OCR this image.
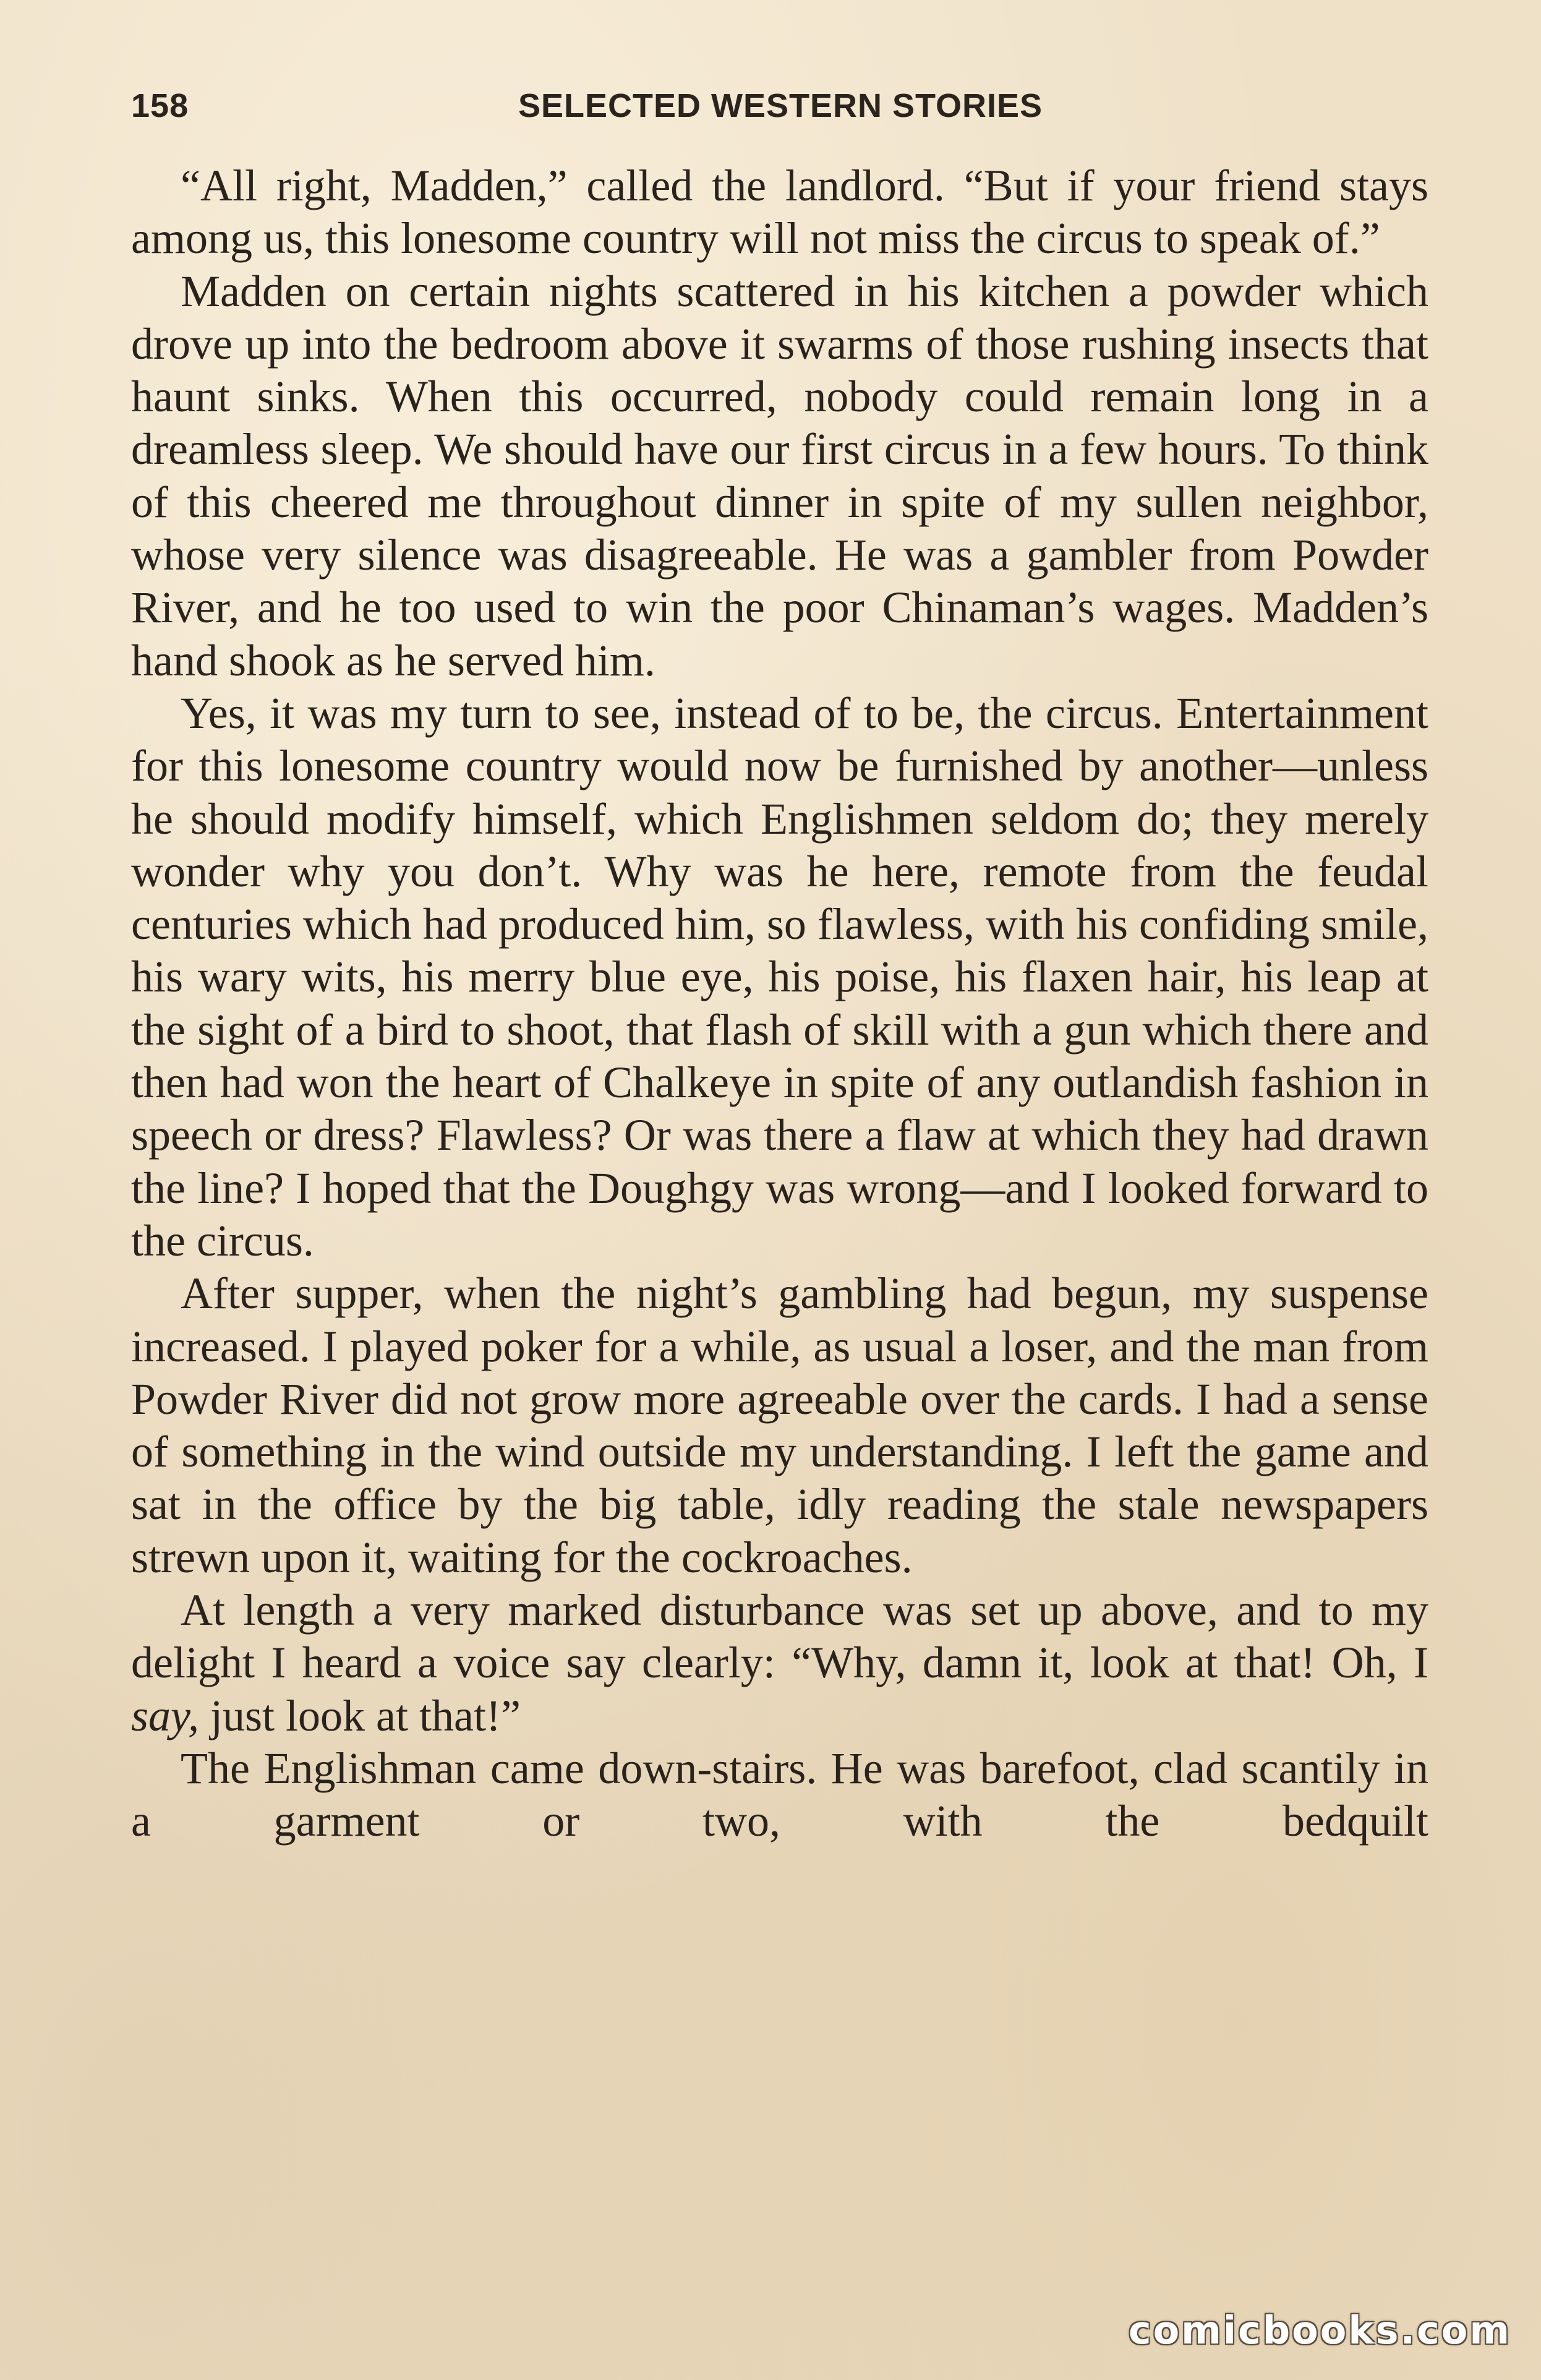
158	SELECTED WESTERN STORIES

“All right, Madden,” called the landlord. “But if your friend stays among us, this lonesome country will not miss the circus to speak of.”

Madden on certain nights scattered in his kitchen a powder which drove up into the bedroom above it swarms of those rushing insects that haunt sinks. When this occurred, nobody could remain long in a dreamless sleep. We should have our first circus in a few hours. To think of this cheered me throughout dinner in spite of my sullen neighbor, whose very silence was disagreeable. He was a gambler from Powder River, and he too used to win the poor Chinaman’s wages. Madden’s hand shook as he served him.

Yes, it was my turn to see, instead of to be, the circus. Entertainment for this lonesome country would now be furnished by another—unless he should modify himself, which Englishmen seldom do; they merely wonder why you don’t. Why was he here, remote from the feudal centuries which had produced him, so flawless, with his confiding smile, his wary wits, his merry blue eye, his poise, his flaxen hair, his leap at the sight of a bird to shoot, that flash of skill with a gun which there and then had won the heart of Chalkeye in spite of any outlandish fashion in speech or dress? Flawless? Or was there a flaw at which they had drawn the line? I hoped that the Doughgy was wrong—and I looked forward to the circus.

After supper, when the night’s gambling had begun, my suspense increased. I played poker for a while, as usual a loser, and the man from Powder River did not grow more agreeable over the cards. I had a sense of something in the wind outside my understanding. I left the game and sat in the office by the big table, idly reading the stale newspapers strewn upon it, waiting for the cockroaches.

At length a very marked disturbance was set up above, and to my delight I heard a voice say clearly: “Why, damn it, look at that! Oh, I say, just look at that!”

The Englishman came down-stairs. He was barefoot, clad scantily in a garment or two, with the bedquilt

comicbooks.com
